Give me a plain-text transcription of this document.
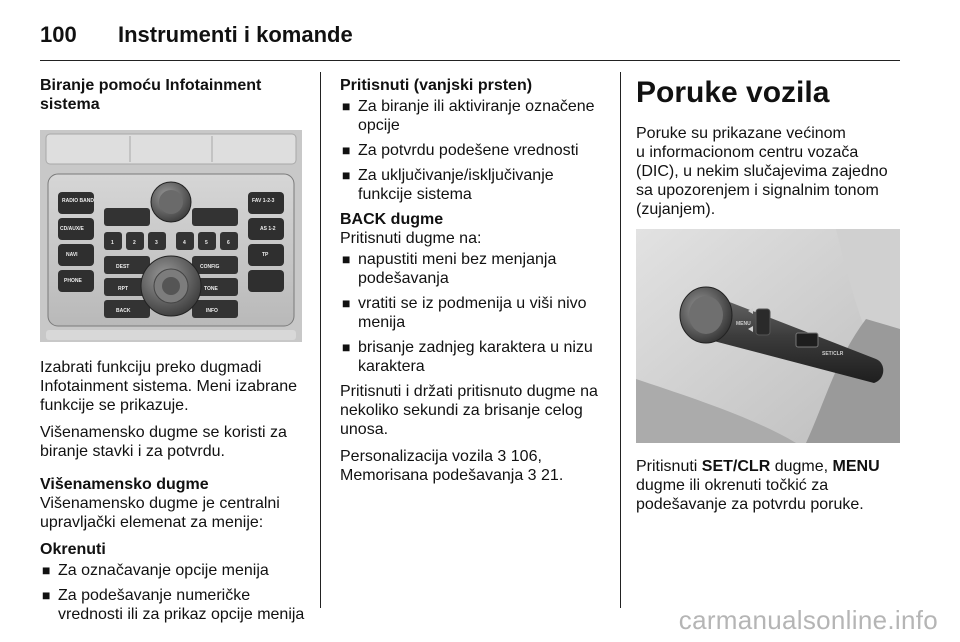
100 Instrumenti i komande

Biranje pomoću Infotainment sistema

RADIO BAND
CD/AUX/E
NAVI
PHONE
FAV 1-2-3
AS 1-2
TP
DEST	CONFIG
BACK	INFO
RPT	TONE
1	2	3	4	5	6

Izabrati funkciju preko dugmadi
Infotainment sistema. Meni izabrane
funkcije se prikazuje.

Višenamensko dugme se koristi za
biranje stavki i za potvrdu.

Višenamensko dugme

Višenamensko dugme je centralni
upravljački elemenat za menije:

Okrenuti

■ Za označavanje opcije menija
■ Za podešavanje numeričke
vrednosti ili za prikaz opcije menija

Pritisnuti (vanjski prsten)

■ Za biranje ili aktiviranje označene
opcije
■ Za potvrdu podešene vrednosti
■ Za uključivanje/isključivanje
funkcije sistema

BACK dugme

Pritisnuti dugme na:

■ napustiti meni bez menjanja
podešavanja
■ vratiti se iz podmenija u viši nivo
menija
■ brisanje zadnjeg karaktera u nizu
karaktera

Pritisnuti i držati pritisnuto dugme na
nekoliko sekundi za brisanje celog
unosa.

Personalizacija vozila 3 106,
Memorisana podešavanja 3 21.

Poruke vozila

Poruke su prikazane većinom
u informacionom centru vozača
(DIC), u nekim slučajevima zajedno
sa upozorenjem i signalnim tonom
(zujanjem).

MENU
SET/CLR

Pritisnuti SET/CLR dugme, MENU
dugme ili okrenuti točkić za
podešavanje za potvrdu poruke.

carmanualsonline.info
